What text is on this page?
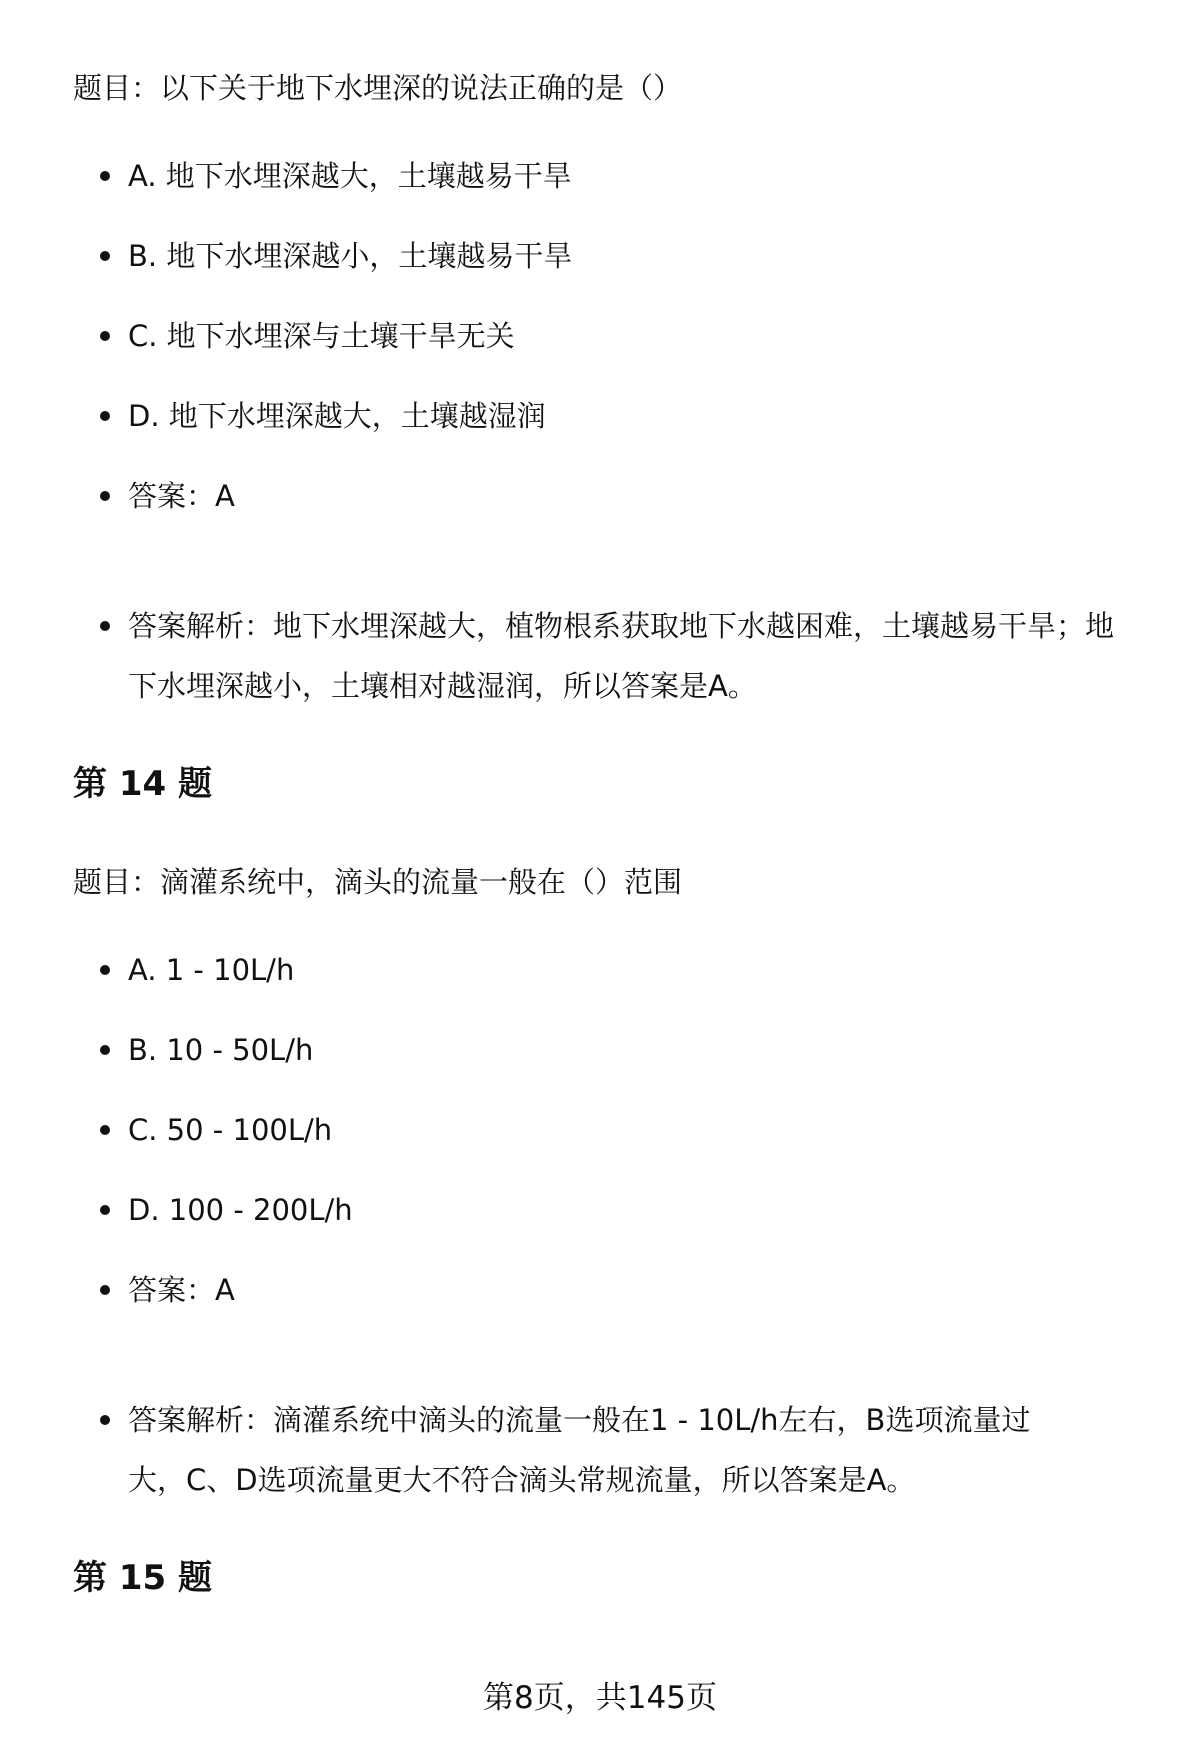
题目：以下关于地下水埋深的说法正确的是（）

A. 地下水埋深越大，土壤越易干旱
B. 地下水埋深越小，土壤越易干旱
C. 地下水埋深与土壤干旱无关
D. 地下水埋深越大，土壤越湿润
答案：A
答案解析：地下水埋深越大，植物根系获取地下水越困难，土壤越易干旱；地
下水埋深越小，土壤相对越湿润，所以答案是A。
第 14 题

题目：滴灌系统中，滴头的流量一般在（）范围

A. 1 - 10L/h
B. 10 - 50L/h
C. 50 - 100L/h
D. 100 - 200L/h
答案：A
答案解析：滴灌系统中滴头的流量一般在1 - 10L/h左右，B选项流量过
大，C、D选项流量更大不符合滴头常规流量，所以答案是A。
第 15 题
第8页，共145页
